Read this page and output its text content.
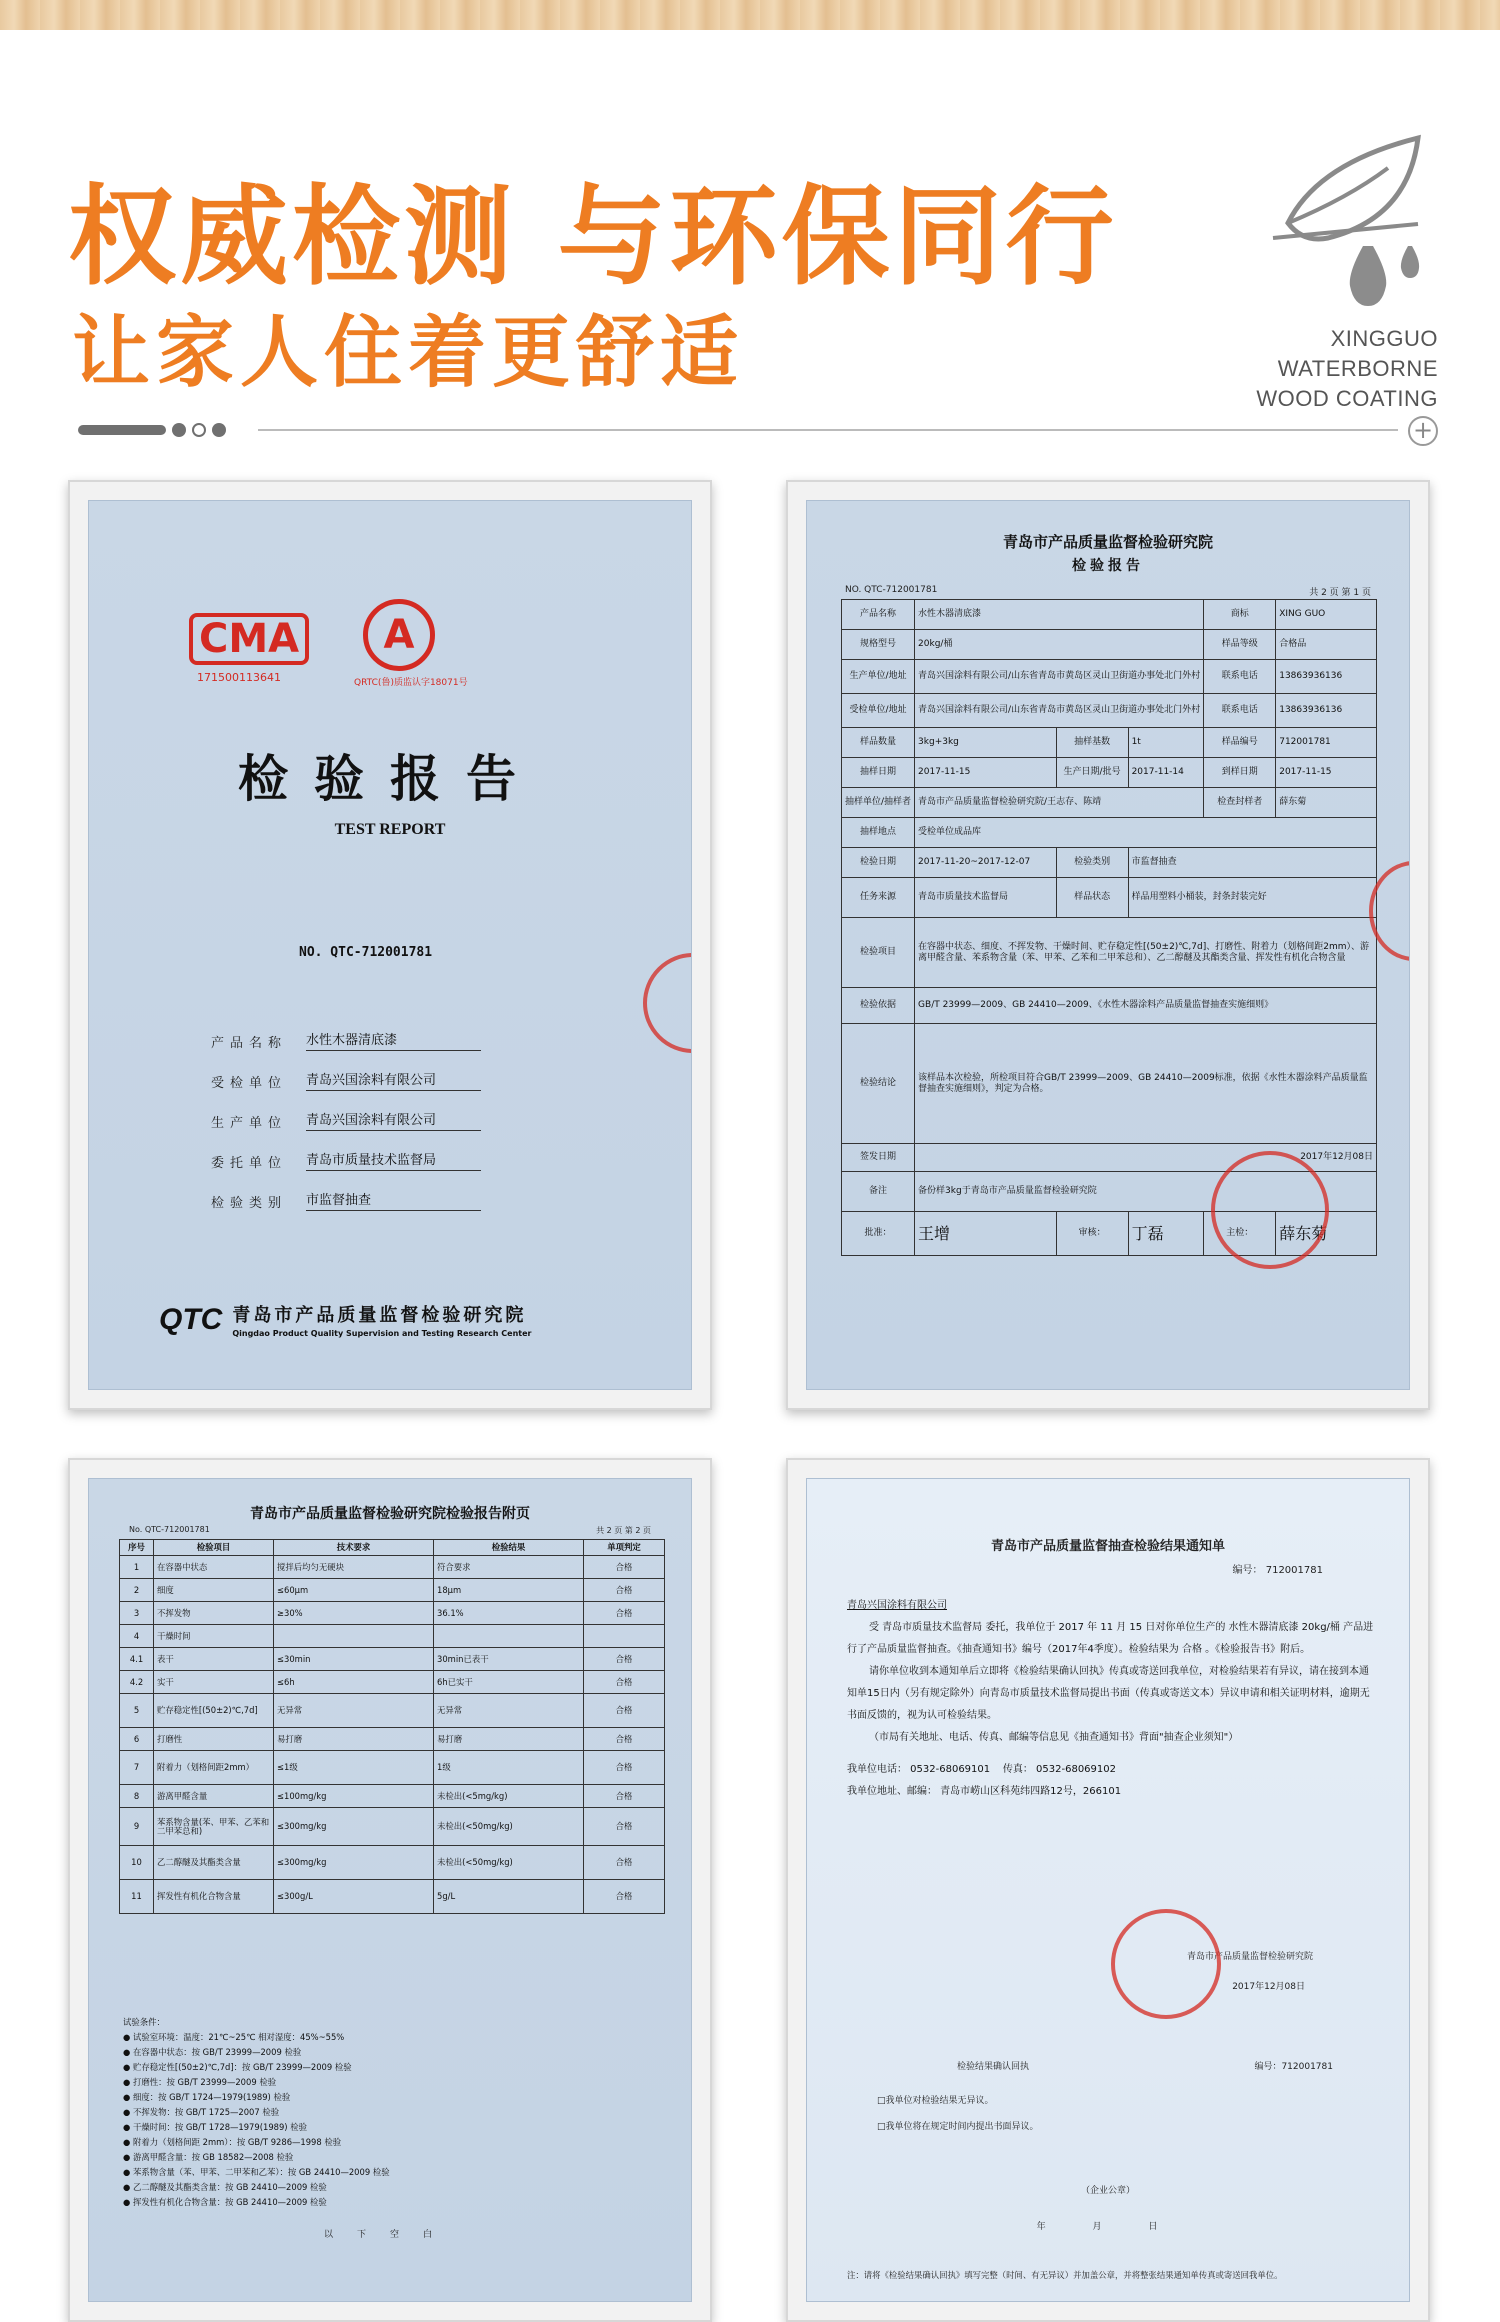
权威检测 与环保同行
让家人住着更舒适	XINGGUO WATERBORNE
WOOD COATING
+
CMA
171500113641
A
QRTC(鲁)质监认字18071号
检验报告
TEST REPORT
NO. QTC-712001781
产品名称	水性木器清底漆
受检单位	青岛兴国涂料有限公司
生产单位	青岛兴国涂料有限公司
委托单位	青岛市质量技术监督局
检验类别	市监督抽查
QTC 青岛市产品质量监督检验研究院
Qingdao Product Quality Supervision and Testing Research Center
青岛市产品质量监督检验研究院
检验报告
NO. QTC-712001781	共 2 页 第 1 页
产品名称	水性木器清底漆			商标	XING GUO
规格型号	20kg/桶			样品等级	合格品
生产单位/地址	青岛兴国涂料有限公司/山东省青岛市黄岛区灵山卫街道办事处北门外村			联系电话	13863936136
受检单位/地址	青岛兴国涂料有限公司/山东省青岛市黄岛区灵山卫街道办事处北门外村			联系电话	13863936136
样品数量	3kg+3kg	抽样基数	1t	样品编号	712001781
抽样日期	2017-11-15	生产日期/批号	2017-11-14	到样日期	2017-11-15
抽样单位/抽样者	青岛市产品质量监督检验研究院/王志存、陈靖			检查封样者	薛东菊
抽样地点	受检单位成品库				
检验日期	2017-11-20~2017-12-07	检验类别	市监督抽查		
任务来源	青岛市质量技术监督局	样品状态	样品用塑料小桶装，封条封装完好		
检验项目	在容器中状态、细度、不挥发物、干燥时间、贮存稳定性[(50±2)℃,7d]、打磨性、附着力（划格间距2mm）、游离甲醛含量、苯系物含量（苯、甲苯、乙苯和二甲苯总和）、乙二醇醚及其酯类含量、挥发性有机化合物含量				
检验依据	GB/T 23999—2009、GB 24410—2009、《水性木器涂料产品质量监督抽查实施细则》				
检验结论	该样品本次检验，所检项目符合GB/T 23999—2009、GB 24410—2009标准，依据《水性木器涂料产品质量监督抽查实施细则》，判定为合格。				
签发日期	2017年12月08日				
备注	备份样3kg于青岛市产品质量监督检验研究院				
批准：	王增	审核：	丁磊	主检：	薛东菊
青岛市产品质量监督检验研究院检验报告附页
No. QTC-712001781	共 2 页 第 2 页
序号	检验项目	技术要求	检验结果	单项判定
1	在容器中状态	搅拌后均匀无硬块	符合要求	合格
2	细度	≤60μm	18μm	合格
3	不挥发物	≥30%	36.1%	合格
4	干燥时间			
4.1	表干	≤30min	30min已表干	合格
4.2	实干	≤6h	6h已实干	合格
5	贮存稳定性[(50±2)℃,7d]	无异常	无异常	合格
6	打磨性	易打磨	易打磨	合格
7	附着力（划格间距2mm）	≤1级	1级	合格
8	游离甲醛含量	≤100mg/kg	未检出(<5mg/kg)	合格
9	苯系物含量(苯、甲苯、乙苯和二甲苯总和)	≤300mg/kg	未检出(<50mg/kg)	合格
10	乙二醇醚及其酯类含量	≤300mg/kg	未检出(<50mg/kg)	合格
11	挥发性有机化合物含量	≤300g/L	5g/L	合格
试验条件：
● 试验室环境：温度：21℃~25℃ 相对湿度：45%~55%
● 在容器中状态：按 GB/T 23999—2009 检验
● 贮存稳定性[(50±2)℃,7d]：按 GB/T 23999—2009 检验
● 打磨性：按 GB/T 23999—2009 检验
● 细度：按 GB/T 1724—1979(1989) 检验
● 不挥发物：按 GB/T 1725—2007 检验
● 干燥时间：按 GB/T 1728—1979(1989) 检验
● 附着力（划格间距 2mm）：按 GB/T 9286—1998 检验
● 游离甲醛含量：按 GB 18582—2008 检验
● 苯系物含量（苯、甲苯、二甲苯和乙苯）：按 GB 24410—2009 检验
● 乙二醇醚及其酯类含量：按 GB 24410—2009 检验
● 挥发性有机化合物含量：按 GB 24410—2009 检验
以下空白
青岛市产品质量监督抽查检验结果通知单
编号： 712001781

青岛兴国涂料有限公司

受 青岛市质量技术监督局 委托，我单位于 2017 年 11 月 15 日对你单位生产的 水性木器清底漆 20kg/桶 产品进行了产品质量监督抽查。《抽查通知书》编号（2017年4季度）。检验结果为 合格 。《检验报告书》附后。

请你单位收到本通知单后立即将《检验结果确认回执》传真或寄送回我单位，对检验结果若有异议，请在接到本通知单15日内（另有规定除外）向青岛市质量技术监督局提出书面（传真或寄送文本）异议申请和相关证明材料，逾期无书面反馈的，视为认可检验结果。

（市局有关地址、电话、传真、邮编等信息见《抽查通知书》背面"抽查企业须知"）

我单位电话： 0532-68069101 传真： 0532-68069102

我单位地址、邮编： 青岛市崂山区科苑纬四路12号，266101

青岛市产品质量监督检验研究院
2017年12月08日
检验结果确认回执	编号：712001781
□我单位对检验结果无异议。
□我单位将在规定时间内提出书面异议。
（企业公章）
年 月 日
注：请将《检验结果确认回执》填写完整（时间、有无异议）并加盖公章，并将整张结果通知单传真或寄送回我单位。
